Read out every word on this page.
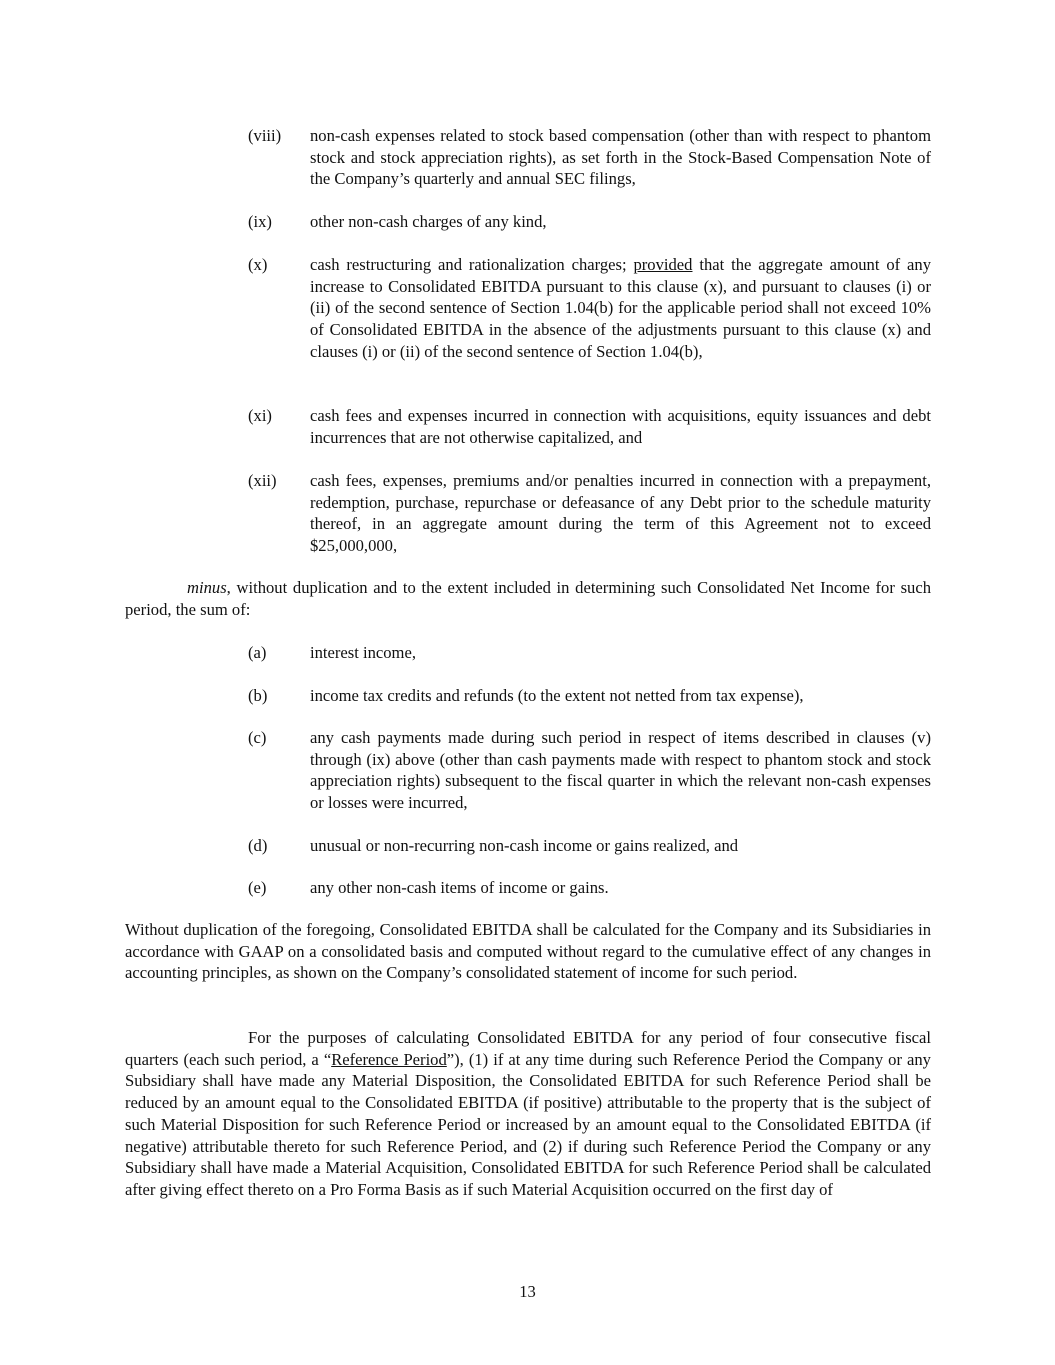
(viii) non-cash expenses related to stock based compensation (other than with respect to phantom stock and stock appreciation rights), as set forth in the Stock-Based Compensation Note of the Company’s quarterly and annual SEC filings,
(ix) other non-cash charges of any kind,
(x)	cash restructuring and rationalization charges; provided that the aggregate amount of any increase to Consolidated EBITDA pursuant to this clause (x), and pursuant to clauses (i) or (ii) of the second sentence of Section 1.04(b) for the applicable period shall not exceed 10% of Consolidated EBITDA in the absence of the adjustments pursuant to this clause (x) and clauses (i) or (ii) of the second sentence of Section 1.04(b),
(xi) cash fees and expenses incurred in connection with acquisitions, equity issuances and debt incurrences that are not otherwise capitalized, and
(xii) cash fees, expenses, premiums and/or penalties incurred in connection with a prepayment, redemption, purchase, repurchase or defeasance of any Debt prior to the schedule maturity thereof, in an aggregate amount during the term of this Agreement not to exceed $25,000,000,
minus, without duplication and to the extent included in determining such Consolidated Net Income for such period, the sum of:
(a)	interest income,
(b)	income tax credits and refunds (to the extent not netted from tax expense),
(c)	any cash payments made during such period in respect of items described in clauses (v) through (ix) above (other than cash payments made with respect to phantom stock and stock appreciation rights) subsequent to the fiscal quarter in which the relevant non-cash expenses or losses were incurred,
(d)	unusual or non-recurring non-cash income or gains realized, and
(e)	any other non-cash items of income or gains.
Without duplication of the foregoing, Consolidated EBITDA shall be calculated for the Company and its Subsidiaries in accordance with GAAP on a consolidated basis and computed without regard to the cumulative effect of any changes in accounting principles, as shown on the Company’s consolidated statement of income for such period.
For the purposes of calculating Consolidated EBITDA for any period of four consecutive fiscal quarters (each such period, a “Reference Period”), (1) if at any time during such Reference Period the Company or any Subsidiary shall have made any Material Disposition, the Consolidated EBITDA for such Reference Period shall be reduced by an amount equal to the Consolidated EBITDA (if positive) attributable to the property that is the subject of such Material Disposition for such Reference Period or increased by an amount equal to the Consolidated EBITDA (if negative) attributable thereto for such Reference Period, and (2) if during such Reference Period the Company or any Subsidiary shall have made a Material Acquisition, Consolidated EBITDA for such Reference Period shall be calculated after giving effect thereto on a Pro Forma Basis as if such Material Acquisition occurred on the first day of
13
